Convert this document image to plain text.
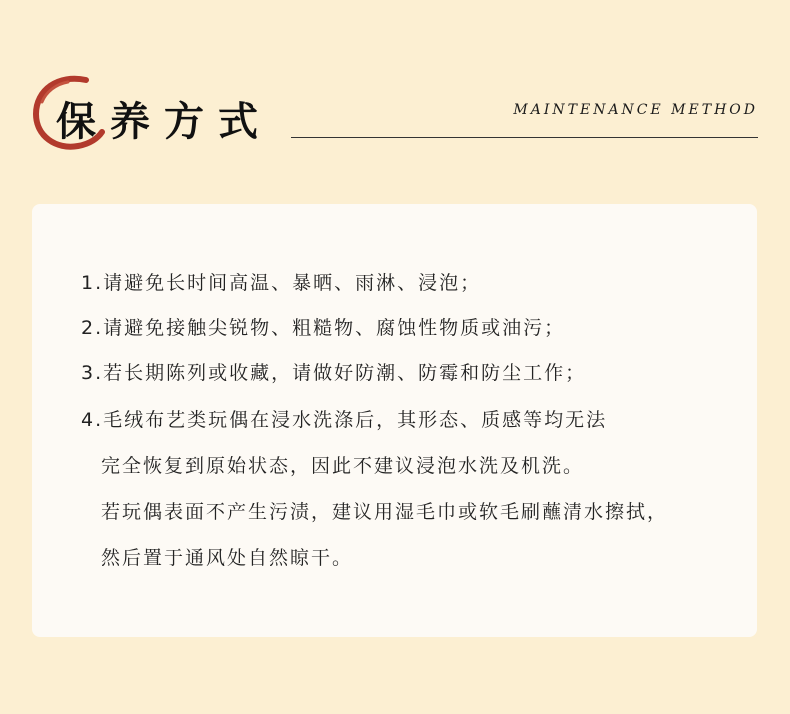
保养方式	MAINTENANCE METHOD
1.请避免长时间高温、暴晒、雨淋、浸泡；
2.请避免接触尖锐物、粗糙物、腐蚀性物质或油污；
3.若长期陈列或收藏，请做好防潮、防霉和防尘工作；
4.毛绒布艺类玩偶在浸水洗涤后，其形态、质感等均无法
完全恢复到原始状态，因此不建议浸泡水洗及机洗。
若玩偶表面不产生污渍，建议用湿毛巾或软毛刷蘸清水擦拭，
然后置于通风处自然晾干。
